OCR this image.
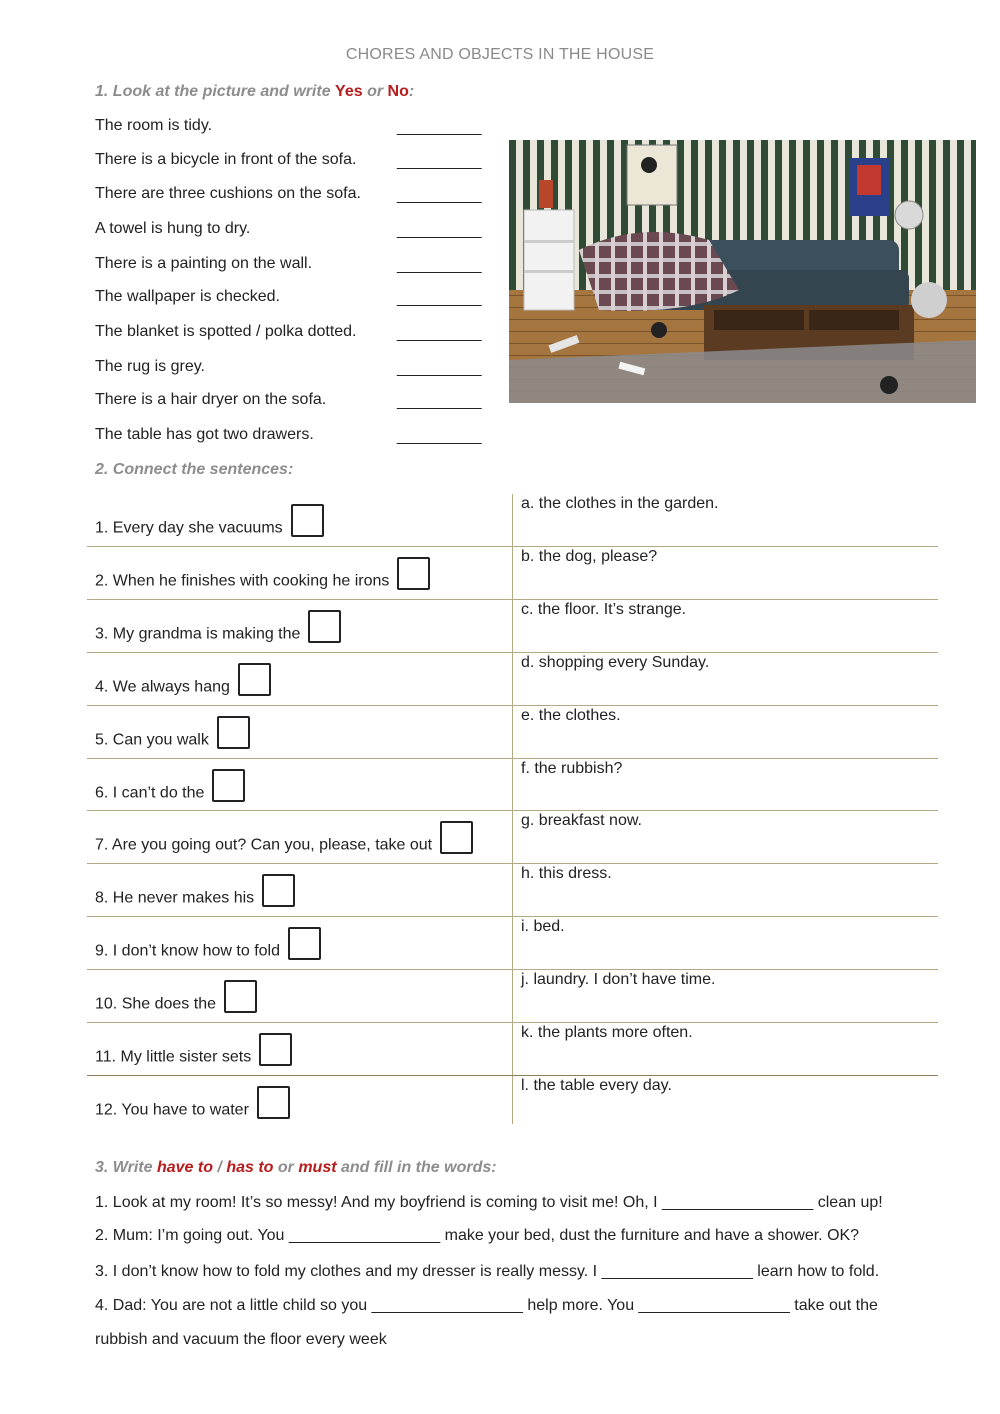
CHORES AND OBJECTS IN THE HOUSE
1. Look at the picture and write Yes or No:
The room is tidy.	__________
There is a bicycle in front of the sofa.	__________
There are three cushions on the sofa. __________
A towel is hung to dry.	__________
There is a painting on the wall.	__________
The wallpaper is checked.	__________
The blanket is spotted / polka dotted.	__________
The rug is grey.	__________
There is a hair dryer on the sofa.	__________
The table has got two drawers.	__________
2. Connect the sentences:
1. Every day she vacuums
a. the clothes in the garden.
2. When he finishes with cooking he irons
b. the dog, please?
3. My grandma is making the
c. the floor. It’s strange.
4. We always hang
d. shopping every Sunday.
5. Can you walk
e. the clothes.
6. I can’t do the
f. the rubbish?
7. Are you going out? Can you, please, take out
g. breakfast now.
8. He never makes his
h. this dress.
9. I don’t know how to fold
i. bed.
10. She does the
j. laundry. I don’t have time.
11. My little sister sets
k. the plants more often.
12. You have to water
l. the table every day.
3. Write have to / has to or must and fill in the words:
1. Look at my room! It’s so messy! And my boyfriend is coming to visit me! Oh, I _________________ clean up!
2. Mum: I’m going out. You _________________ make your bed, dust the furniture and have a shower. OK?
3. I don’t know how to fold my clothes and my dresser is really messy. I _________________ learn how to fold.
4. Dad: You are not a little child so you _________________ help more. You _________________ take out the
rubbish and vacuum the floor every week
